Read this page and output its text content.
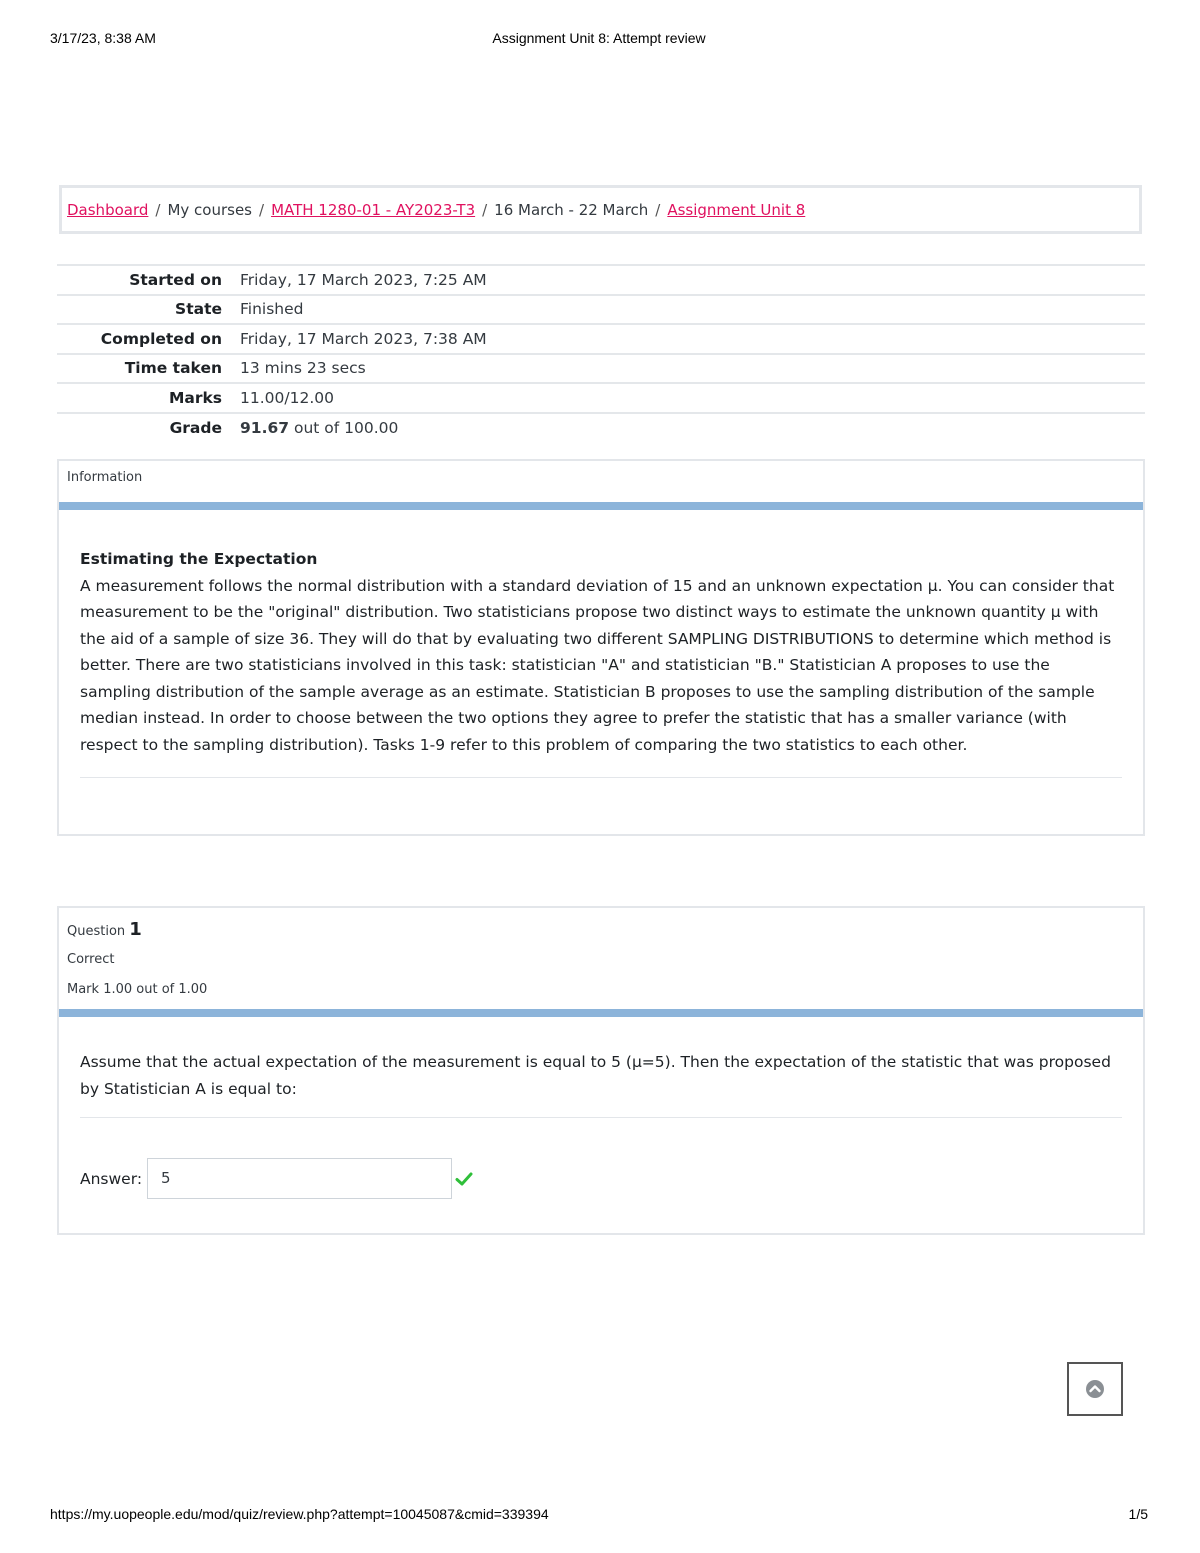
3/17/23, 8:38 AM	Assignment Unit 8: Attempt review
Dashboard / My courses / MATH 1280-01 - AY2023-T3 / 16 March - 22 March / Assignment Unit 8
Started on	Friday, 17 March 2023, 7:25 AM
State	Finished
Completed on	Friday, 17 March 2023, 7:38 AM
Time taken	13 mins 23 secs
Marks	11.00/12.00
Grade	91.67 out of 100.00
Information
Estimating the Expectation
A measurement follows the normal distribution with a standard deviation of 15 and an unknown expectation μ. You can consider that measurement to be the "original" distribution. Two statisticians propose two distinct ways to estimate the unknown quantity μ with the aid of a sample of size 36. They will do that by evaluating two different SAMPLING DISTRIBUTIONS to determine which method is better. There are two statisticians involved in this task: statistician "A" and statistician "B." Statistician A proposes to use the sampling distribution of the sample average as an estimate. Statistician B proposes to use the sampling distribution of the sample median instead. In order to choose between the two options they agree to prefer the statistic that has a smaller variance (with respect to the sampling distribution). Tasks 1-9 refer to this problem of comparing the two statistics to each other.
Question 1
Correct
Mark 1.00 out of 1.00
Assume that the actual expectation of the measurement is equal to 5 (μ=5). Then the expectation of the statistic that was proposed by Statistician A is equal to:
Answer:	5
https://my.uopeople.edu/mod/quiz/review.php?attempt=10045087&cmid=339394	1/5
